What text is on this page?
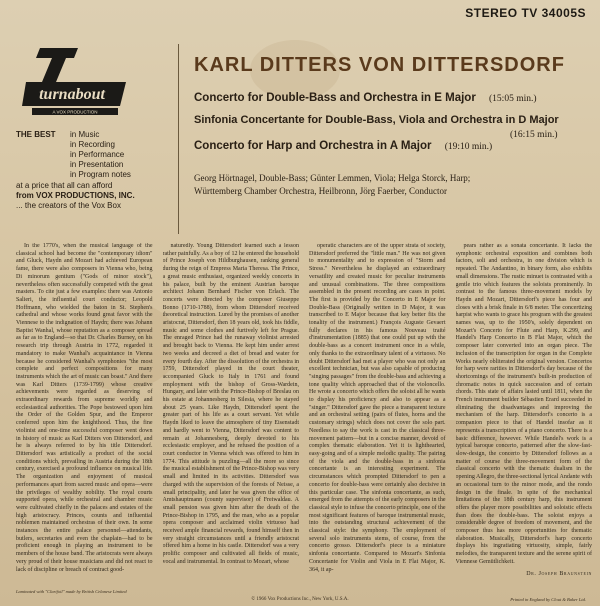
STEREO TV 34005S
turnabout
A VOX PRODUCTION
THE BEST	in Music
in Recording
in Performance
in Presentation
in Program notes
at a price that all can afford
from VOX PRODUCTIONS, INC.
... the creators of the Vox Box
KARL DITTERS VON DITTERSDORF
Concerto for Double-Bass and Orchestra in E Major (15:05 min.)
Sinfonia Concertante for Double-Bass, Viola and Orchestra in D Major
(16:15 min.)
Concerto for Harp and Orchestra in A Major (19:10 min.)
Georg Hörtnagel, Double-Bass; Günter Lemmen, Viola; Helga Storck, Harp;
Württemberg Chamber Orchestra, Heilbronn, Jörg Faerber, Conductor

In the 1770's, when the musical language of the classical school had become the "contemporary idiom" and Gluck, Haydn and Mozart had achieved European fame, there were also composers in Vienna who, being Di minorum gentium ("Gods of minor stock"), nevertheless often successfully competed with the great masters. To cite just a few examples: there was Antonio Salieri, the influential court conductor; Leopold Hoffmann, who wielded the baton in St. Stephen's cathedral and whose works found great favor with the Viennese to the indignation of Haydn; there was Johann Baptist Wanhal, whose reputation as a composer spread as far as to England—so that Dr. Charles Burney, on his research trip through Austria in 1772, regarded it mandatory to make Wanhal's acquaintance in Vienna because he considered Wanhal's symphonies "the most complete and perfect compositions for many instruments which the art of music can boast." And there was Karl Ditters (1739-1799) whose creative achievements were regarded as deserving of extraordinary rewards from supreme worldly and ecclesiastical authorities. The Pope bestowed upon him the Order of the Golden Spur, and the Emperor conferred upon him the knighthood. Thus, the fine violinist and one-time successful composer went down in history of music as Karl Ditters von Dittersdorf, and he is always referred to by his title Dittersdorf. Dittersdorf was artistically a product of the social conditions which, prevailing in Austria during the 18th century, exercised a profound influence on musical life. The organization and enjoyment of musical performances apart from sacred music and opera—were the privileges of wealthy nobility. The royal courts supported opera, while orchestral and chamber music were cultivated chiefly in the palaces and estates of the high aristocracy. Princes, counts and influential noblemen maintained orchestras of their own. In some instances the entire palace personnel—attendants, butlers, secretaries and even the chaplain—had to be proficient enough in playing an instrument to be members of the house band. The aristocrats were always very proud of their house musicians and did not react to lack of discipline or breach of contract good-

naturedly. Young Dittersdorf learned such a lesson rather painfully. As a boy of 12 he entered the household of Prince Joseph von Hildburghausen, ranking general during the reign of Empress Maria Theresa. The Prince, a great music enthusiast, organized weekly concerts in his palace, built by the eminent Austrian baroque architect Johann Bernhard Fischer von Erlach. The concerts were directed by the composer Giuseppe Bonno (1710-1788), from whom Dittersdorf received theoretical instruction. Lured by the promises of another aristocrat, Dittersdorf, then 18 years old, took his fiddle, music and some clothes and furtively left for Prague. The enraged Prince had the runaway violinist arrested and brought back to Vienna. He kept him under arrest two weeks and decreed a diet of bread and water for every fourth day. After the dissolution of the orchestra in 1759, Dittersdorf played in the court theater, accompanied Gluck to Italy in 1761 and found employment with the bishop of Gross-Wardein, Hungary, and later with the Prince-Bishop of Breslau on his estate at Johannesberg in Silesia, where he stayed about 25 years. Like Haydn, Dittersdorf spent the greater part of his life as a court servant. Yet while Haydn liked to leave the atmosphere of tiny Eisenstadt and hardly went to Vienna, Dittersdorf was content to remain at Johannesberg, deeply devoted to his ecclesiastic employer, and he refused the position of a court conductor in Vienna which was offered to him in 1774. This attitude is puzzling—all the more so since the musical establishment of the Prince-Bishop was very small and limited in its activities. Dittersdorf was charged with the supervision of the forests of Neisse, a small principality, and later he was given the office of Amtshauptmann (county supervisor) of Freiwaldau. A small pension was given him after the death of the Prince-Bishop in 1795, and the man, who as a popular opera composer and acclaimed violin virtuoso had received ample financial rewards, found himself then in very straight circumstances until a friendly aristocrat offered him a home in his castle. Dittersdorf was a very prolific composer and cultivated all fields of music, vocal and instrumental. In contrast to Mozart, whose

operatic characters are of the upper strata of society, Dittersdorf preferred the "little man." He was not given to monumentality and to expression of "Storm and Stress." Nevertheless he displayed an extraordinary versatility and created music for peculiar instruments and unusual combinations. The three compositions assembled in the present recording are cases in point. The first is provided by the Concerto in E Major for Double-Bass (Originally written in D Major, it was transcribed to E Major because that key better fits the tonality of the instrument.) François Auguste Gevaert fully declares in his famous Nouveau traité d'instrumentation (1885) that one could put up with the double-bass as a concert instrument once in a while, only thanks to the extraordinary talent of a virtuoso. No doubt Dittersdorf had met a player who was not only an excellent technician, but was also capable of producing "singing passages" from the double-bass and achieving a tone quality which approached that of the violoncello. He wrote a concerto which offers the soloist all he wants to display his proficiency and also to appear as a "singer." Dittersdorf gave the piece a transparent texture and an orchestral setting (pairs of flutes, horns and the customary strings) which does not cover the solo part. Needless to say the work is cast in the classical three-movement pattern—but in a concise manner, devoid of complex thematic elaboration. Yet it is lighthearted, easy-going and of a simple melodic quality. The pairing of the viola and the double-bass in a sinfonia concertante is an interesting experiment. The circumstances which prompted Dittersdorf to pen a concerto for double-bass were certainly also decisive in this particular case. The sinfonia concertante, as such, emerged from the attempts of the early composers in the classical style to infuse the concerto principle, one of the most significant features of baroque instrumental music, into the outstanding structural achievement of the classical style: the symphony. The employment of several solo instruments stems, of course, from the concerto grosso. Dittersdorf's piece is a miniature sinfonia concertante. Compared to Mozart's Sinfonia Concertante for Violin and Viola in E Flat Major, K. 364, it ap-

pears rather as a sonata concertante. It lacks the symphonic orchestral exposition and combines both factors, soli and orchestra, in one division which is repeated. The Andantino, in binary form, also exhibits small dimensions. The rustic minuet is contrasted with a gentle trio which features the soloists prominently. In contrast to the famous three-movement models by Haydn and Mozart, Dittersdorf's piece has four and closes with a brisk finale in 6/8 meter. The concertizing harpist who wants to grace his program with the greatest names was, up to the 1950's, solely dependent on Mozart's Concerto for Flute and Harp, K.299, and Handel's Harp Concerto in B Flat Major, which the composer later converted into an organ piece. The inclusion of the transcription for organ in the Complete Works nearly obliterated the original version. Concertos for harp were rarities in Dittersdorf's day because of the shortcomings of the instrument's built-in production of chromatic notes in quick succession and of certain chords. This state of affairs lasted until 1811, when the French instrument builder Sébastien Erard succeeded in eliminating the disadvantages and improving the mechanism of the harp. Dittersdorf's concerto is a companion piece to that of Handel insofar as it represents a transcription of a piano concerto. There is a basic difference, however. While Handel's work is a typical baroque concerto, patterned after the slow-fast-slow-design, the concerto by Dittersdorf follows as a matter of course the three-movement form of the classical concerto with the thematic dualism in the opening Allegro, the three-sectional lyrical Andante with an occasional turn to the minor mode, and the rondo design in the finale. In spite of the mechanical limitations of the 18th century harp, this instrument offers the player more possibilities and soloistic effects than does the double-bass. The soloist enjoys a considerable degree of freedom of movement, and the composer thus has more opportunities for thematic elaboration. Musically, Dittersdorf's harp concerto displays his ingratiating virtuosity, simple, fairly melodies, the transparent texture and the serene spirit of Viennese Gemütlichkeit.

Dr. Joseph Braunstein
Laminated with "Clarifoil" made by British Celanese Limited
© 1966 Vox Productions Inc., New York, U.S.A.	Printed in England by Clout & Baker Ltd.
